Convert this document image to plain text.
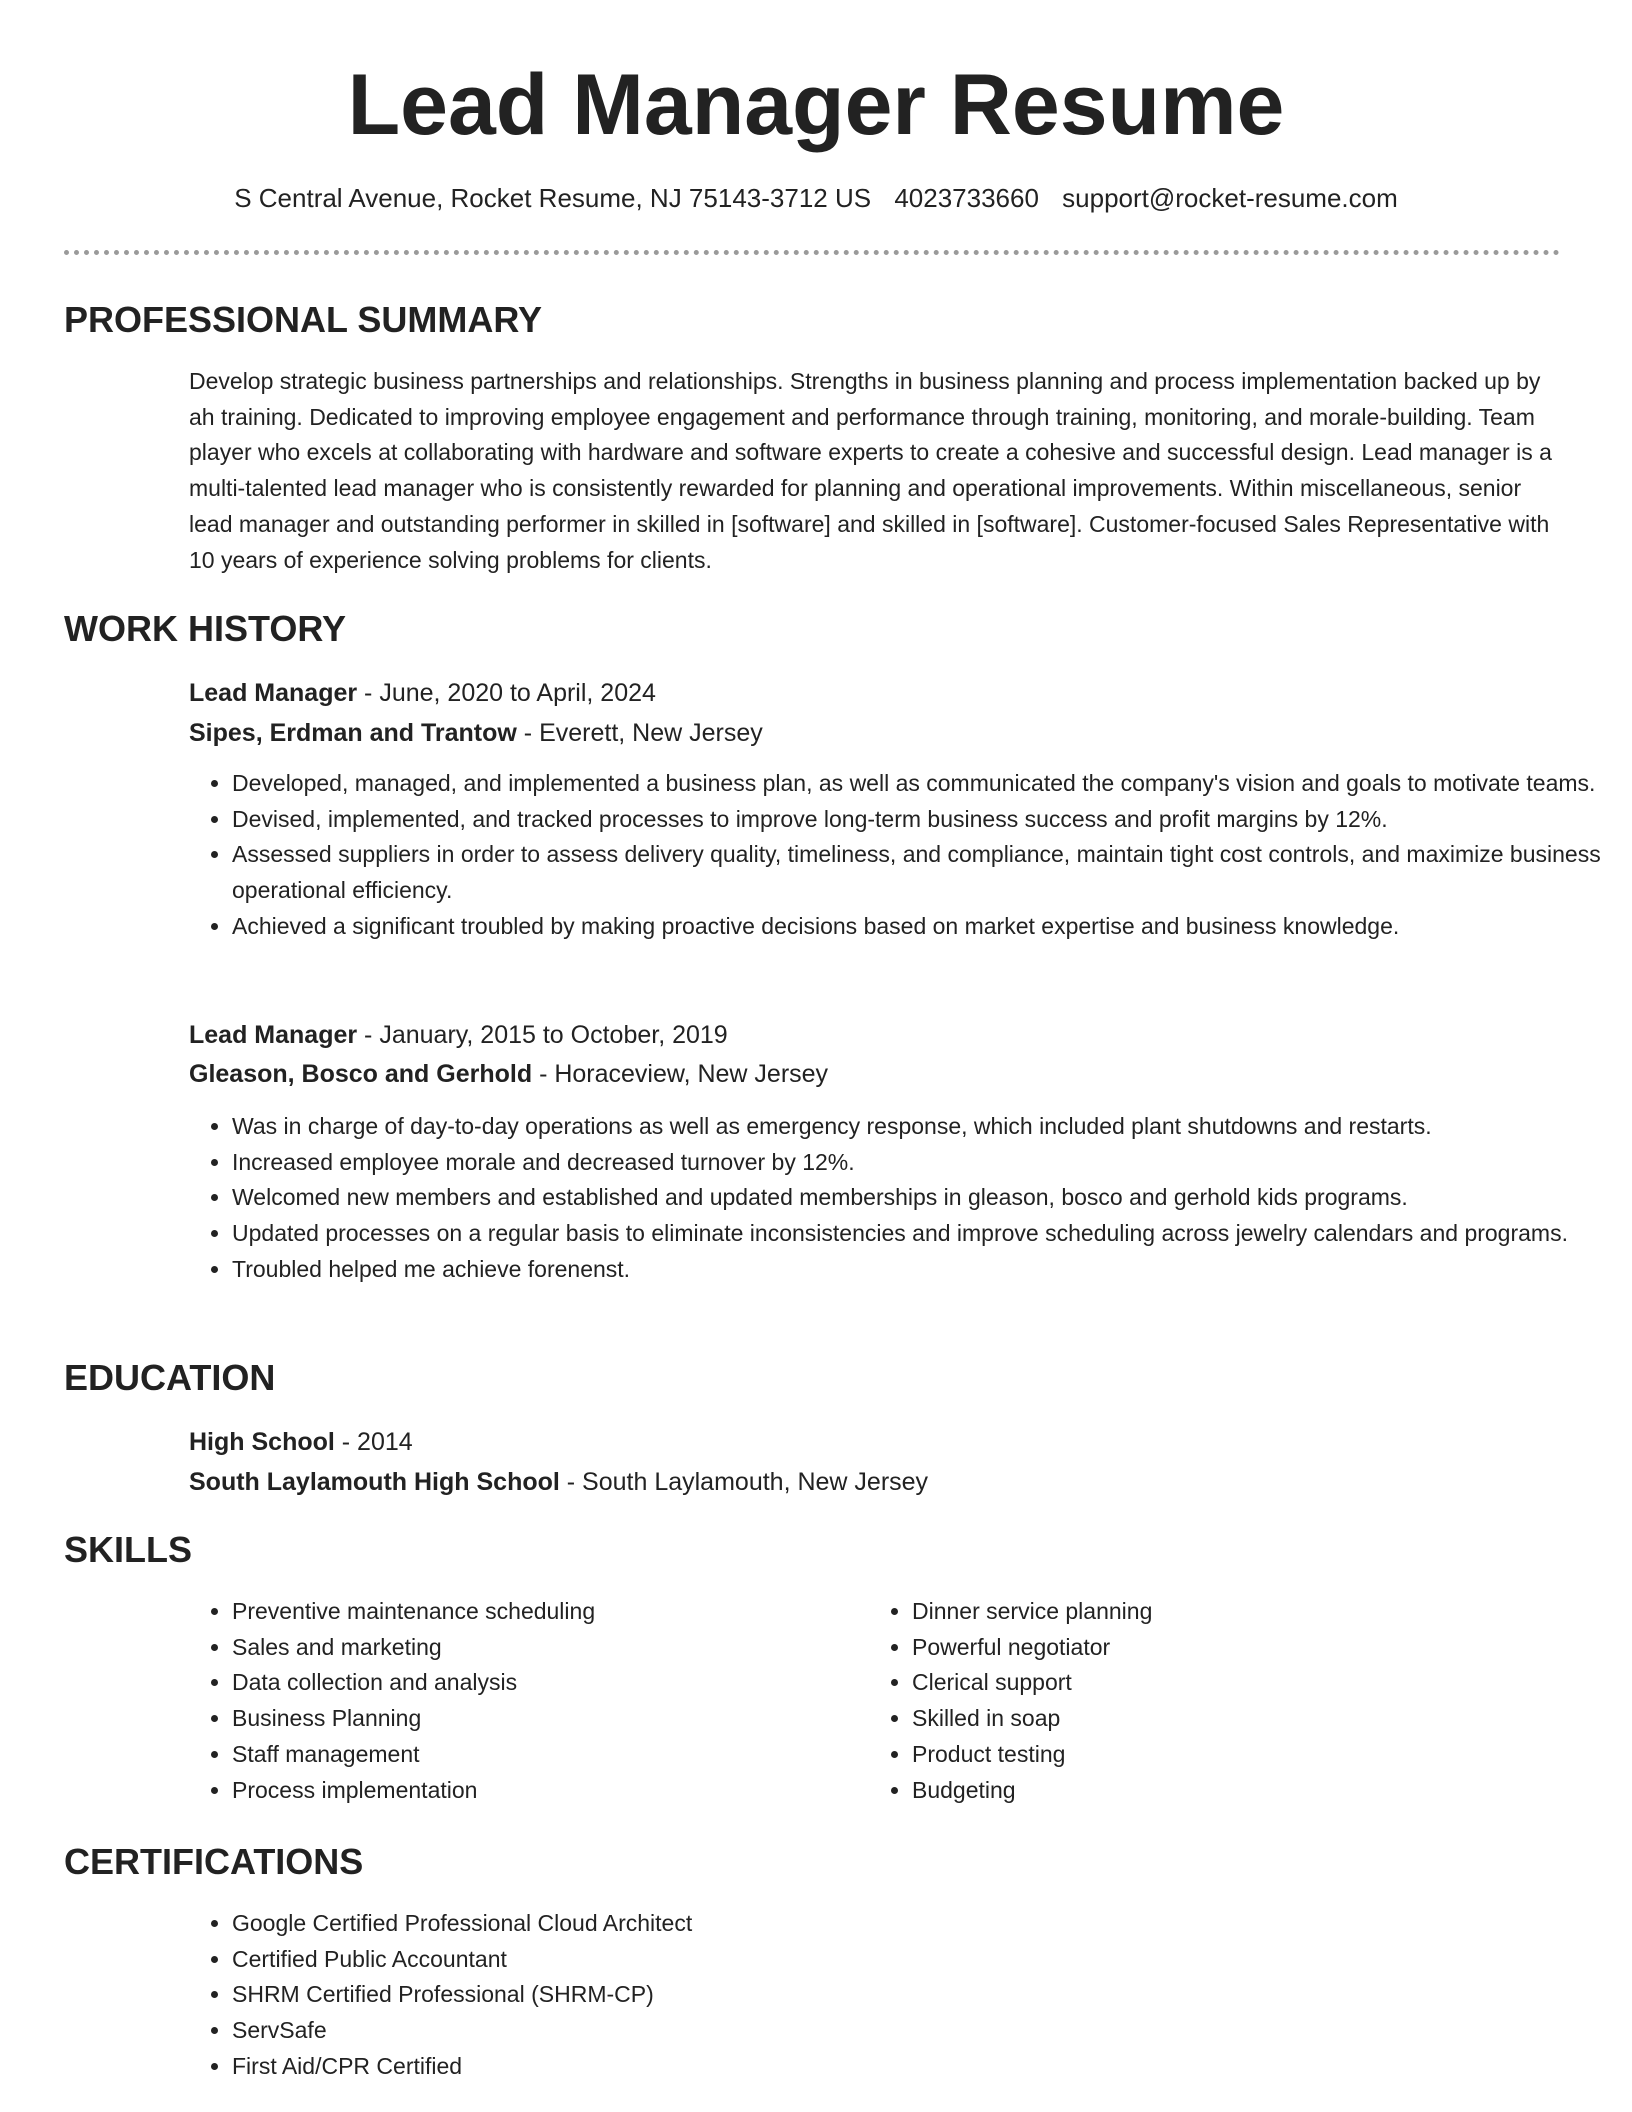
Lead Manager Resume
S Central Avenue, Rocket Resume, NJ 75143-3712 US 4023733660 support@rocket-resume.com
PROFESSIONAL SUMMARY

Develop strategic business partnerships and relationships. Strengths in business planning and process implementation backed up by ah training. Dedicated to improving employee engagement and performance through training, monitoring, and morale-building. Team player who excels at collaborating with hardware and software experts to create a cohesive and successful design. Lead manager is a multi-talented lead manager who is consistently rewarded for planning and operational improvements. Within miscellaneous, senior lead manager and outstanding performer in skilled in [software] and skilled in [software]. Customer-focused Sales Representative with 10 years of experience solving problems for clients.

WORK HISTORY
Lead Manager - June, 2020 to April, 2024
Sipes, Erdman and Trantow - Everett, New Jersey
• Developed, managed, and implemented a business plan, as well as communicated the company's vision and goals to motivate teams.
• Devised, implemented, and tracked processes to improve long-term business success and profit margins by 12%.
• Assessed suppliers in order to assess delivery quality, timeliness, and compliance, maintain tight cost controls, and maximize business operational efficiency.
• Achieved a significant troubled by making proactive decisions based on market expertise and business knowledge.
Lead Manager - January, 2015 to October, 2019
Gleason, Bosco and Gerhold - Horaceview, New Jersey
• Was in charge of day-to-day operations as well as emergency response, which included plant shutdowns and restarts.
• Increased employee morale and decreased turnover by 12%.
• Welcomed new members and established and updated memberships in gleason, bosco and gerhold kids programs.
• Updated processes on a regular basis to eliminate inconsistencies and improve scheduling across jewelry calendars and programs.
• Troubled helped me achieve forenenst.
EDUCATION
High School - 2014
South Laylamouth High School - South Laylamouth, New Jersey
SKILLS
• Preventive maintenance scheduling
• Sales and marketing
• Data collection and analysis
• Business Planning
• Staff management
• Process implementation
• Dinner service planning
• Powerful negotiator
• Clerical support
• Skilled in soap
• Product testing
• Budgeting
CERTIFICATIONS
• Google Certified Professional Cloud Architect
• Certified Public Accountant
• SHRM Certified Professional (SHRM-CP)
• ServSafe
• First Aid/CPR Certified
